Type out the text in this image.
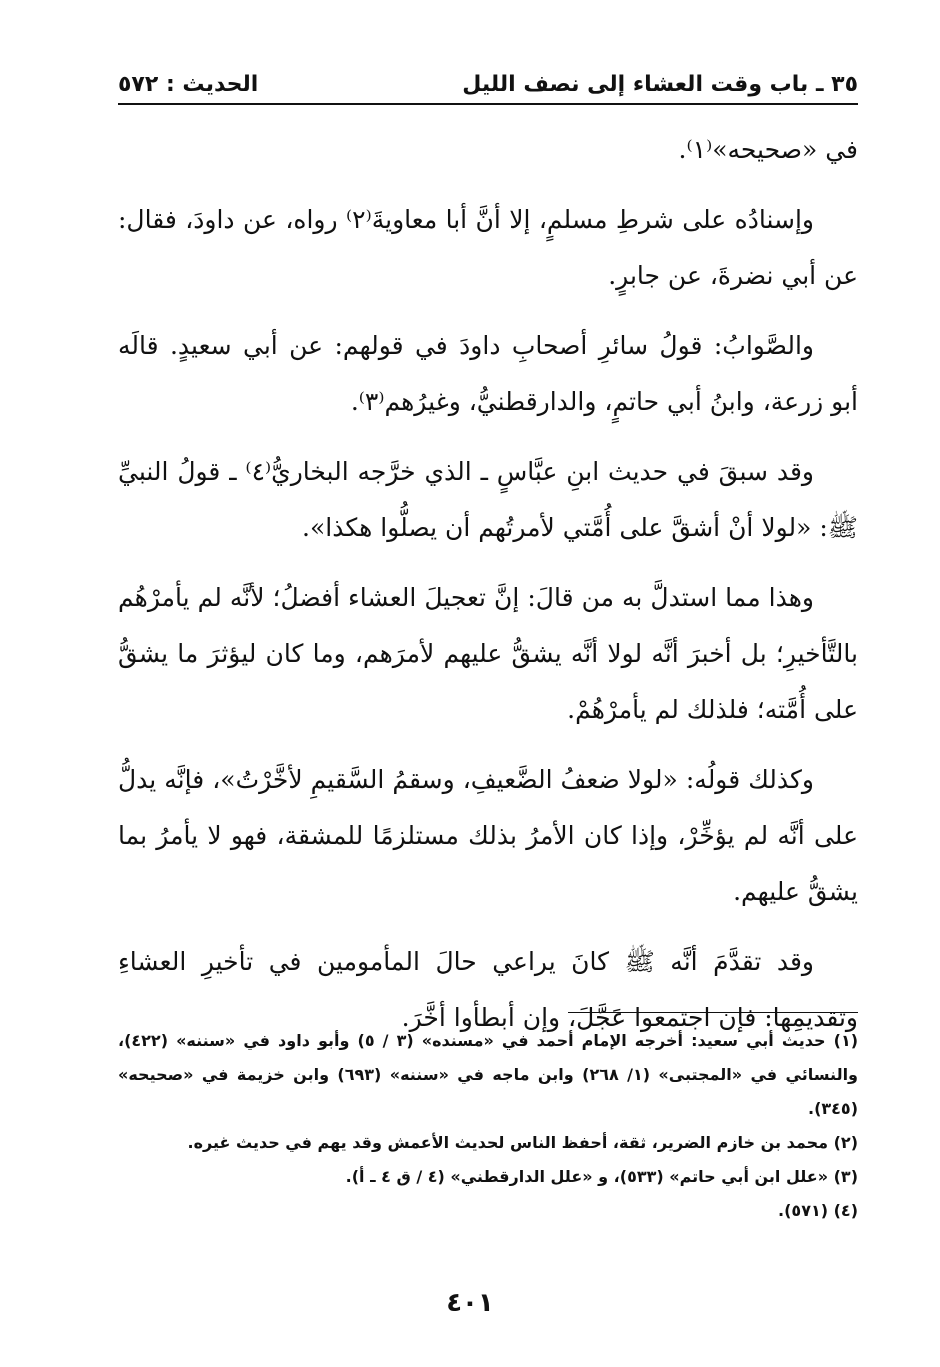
٣٥ ـ باب وقت العشاء إلى نصف الليل
الحديث : ٥٧٢

في «صحيحه»⁽١⁾.

وإسنادُه على شرطِ مسلمٍ، إلا أنَّ أبا معاويةَ⁽٢⁾ رواه، عن داودَ، فقال: عن أبي نضرةَ، عن جابرٍ.

والصَّوابُ: قولُ سائرِ أصحابِ داودَ في قولهم: عن أبي سعيدٍ. قالَه أبو زرعة، وابنُ أبي حاتمٍ، والدارقطنيُّ، وغيرُهم⁽٣⁾.

وقد سبقَ في حديث ابنِ عبَّاسٍ ـ الذي خرَّجه البخاريُّ⁽٤⁾ ـ قولُ النبيِّ ﷺ: «لولا أنْ أشقَّ على أُمَّتي لأمرتُهم أن يصلُّوا هكذا».

وهذا مما استدلَّ به من قالَ: إنَّ تعجيلَ العشاء أفضلُ؛ لأنَّه لم يأمرْهُم بالتَّأخيرِ؛ بل أخبرَ أنَّه لولا أنَّه يشقُّ عليهم لأمرَهم، وما كان ليؤثرَ ما يشقُّ على أُمَّته؛ فلذلك لم يأمرْهُمْ.

وكذلك قولُه: «لولا ضعفُ الضَّعيفِ، وسقمُ السَّقيمِ لأخَّرْتُ»، فإنَّه يدلُّ على أنَّه لم يؤخِّرْ، وإذا كان الأمرُ بذلك مستلزمًا للمشقة، فهو لا يأمرُ بما يشقُّ عليهم.

وقد تقدَّمَ أنَّه ﷺ كانَ يراعي حالَ المأمومين في تأخيرِ العشاءِ وتقديمِها: فإن اجتمعوا عَجَّلَ، وإن أبطأوا أخَّرَ.

(١) حديث أبي سعيد: أخرجه الإمام أحمد في «مسنده» (٣ / ٥) وأبو داود في «سننه» (٤٢٢)، والنسائي في «المجتبى» (١/ ٢٦٨) وابن ماجه في «سننه» (٦٩٣) وابن خزيمة في «صحيحه» (٣٤٥).

(٢) محمد بن خازم الضرير، ثقة، أحفظ الناس لحديث الأعمش وقد يهم في حديث غيره.

(٣) «علل ابن أبي حاتم» (٥٣٣)، و «علل الدارقطني» (٤ / ق ٤ ـ أ).

(٤) (٥٧١).

٤٠١
